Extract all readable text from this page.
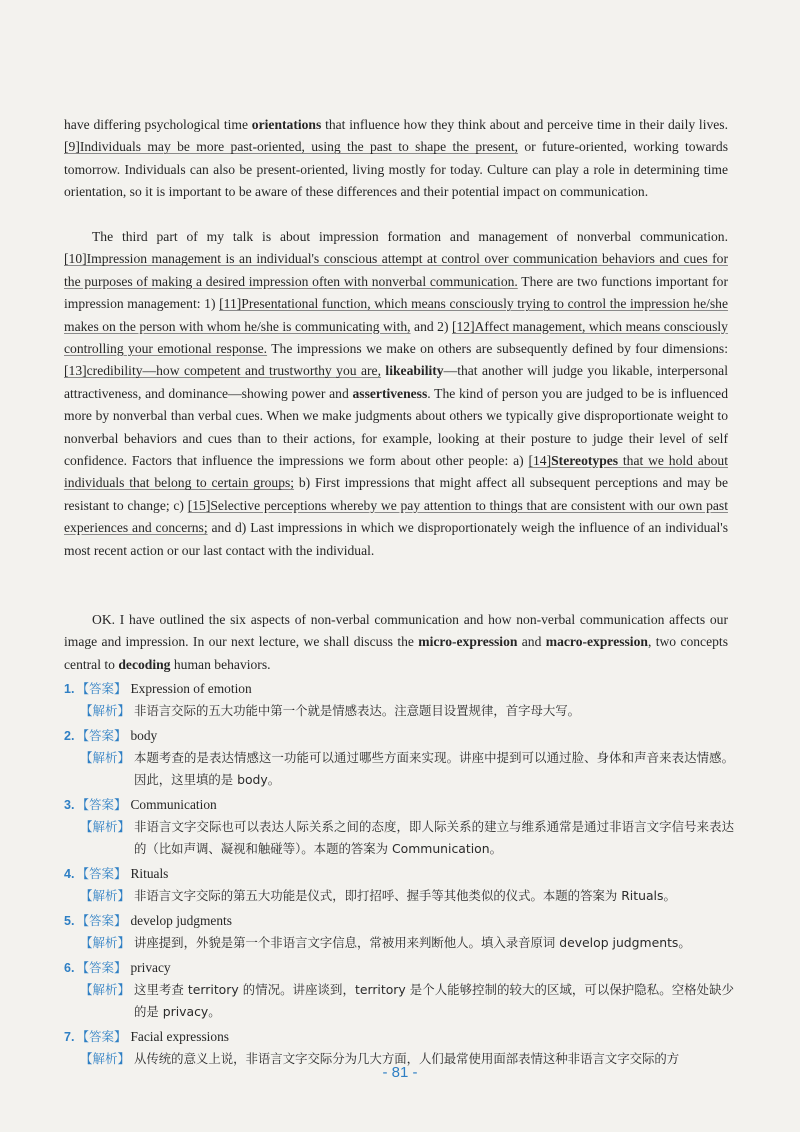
have differing psychological time orientations that influence how they think about and perceive time in their daily lives. [9]Individuals may be more past-oriented, using the past to shape the present, or future-oriented, working towards tomorrow. Individuals can also be present-oriented, living mostly for today. Culture can play a role in determining time orientation, so it is important to be aware of these differences and their potential impact on communication.

The third part of my talk is about impression formation and management of nonverbal communication. [10]Impression management is an individual's conscious attempt at control over communication behaviors and cues for the purposes of making a desired impression often with nonverbal communication. There are two functions important for impression management: 1) [11]Presentational function, which means consciously trying to control the impression he/she makes on the person with whom he/she is communicating with, and 2) [12]Affect management, which means consciously controlling your emotional response. The impressions we make on others are subsequently defined by four dimensions: [13]credibility—how competent and trustworthy you are, likeability—that another will judge you likable, interpersonal attractiveness, and dominance—showing power and assertiveness. The kind of person you are judged to be is influenced more by nonverbal than verbal cues. When we make judgments about others we typically give disproportionate weight to nonverbal behaviors and cues than to their actions, for example, looking at their posture to judge their level of self confidence. Factors that influence the impressions we form about other people: a) [14]Stereotypes that we hold about individuals that belong to certain groups; b) First impressions that might affect all subsequent perceptions and may be resistant to change; c) [15]Selective perceptions whereby we pay attention to things that are consistent with our own past experiences and concerns; and d) Last impressions in which we disproportionately weigh the influence of an individual's most recent action or our last contact with the individual.

OK. I have outlined the six aspects of non-verbal communication and how non-verbal communication affects our image and impression. In our next lecture, we shall discuss the micro-expression and macro-expression, two concepts central to decoding human behaviors.

1. 【答案】 Expression of emotion
【解析】 非语言交际的五大功能中第一个就是情感表达。注意题目设置规律，首字母大写。
2. 【答案】 body
【解析】 本题考查的是表达情感这一功能可以通过哪些方面来实现。讲座中提到可以通过脸、身体和声音来表达情感。因此，这里填的是 body。
3. 【答案】 Communication
【解析】 非语言文字交际也可以表达人际关系之间的态度，即人际关系的建立与维系通常是通过非语言文字信号来表达的（比如声调、凝视和触碰等）。本题的答案为 Communication。
4. 【答案】 Rituals
【解析】 非语言文字交际的第五大功能是仪式，即打招呼、握手等其他类似的仪式。本题的答案为 Rituals。
5. 【答案】 develop judgments
【解析】 讲座提到，外貌是第一个非语言文字信息，常被用来判断他人。填入录音原词 develop judgments。
6. 【答案】 privacy
【解析】 这里考查 territory 的情况。讲座谈到，territory 是个人能够控制的较大的区域，可以保护隐私。空格处缺少的是 privacy。
7. 【答案】 Facial expressions
【解析】 从传统的意义上说，非语言文字交际分为几大方面，人们最常使用面部表情这种非语言文字交际的方
- 81 -
